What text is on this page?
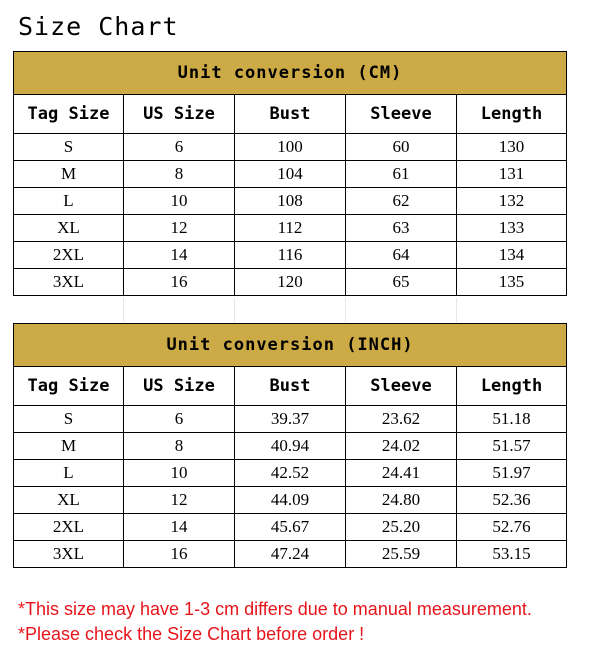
Size Chart
Unit conversion (CM)				
Tag Size	US Size	Bust	Sleeve	Length
S	6	100	60	130
M	8	104	61	131
L	10	108	62	132
XL	12	112	63	133
2XL	14	116	64	134
3XL	16	120	65	135
Unit conversion (INCH)				
Tag Size	US Size	Bust	Sleeve	Length
S	6	39.37	23.62	51.18
M	8	40.94	24.02	51.57
L	10	42.52	24.41	51.97
XL	12	44.09	24.80	52.36
2XL	14	45.67	25.20	52.76
3XL	16	47.24	25.59	53.15
*This size may have 1-3 cm differs due to manual measurement.
*Please check the Size Chart before order !
